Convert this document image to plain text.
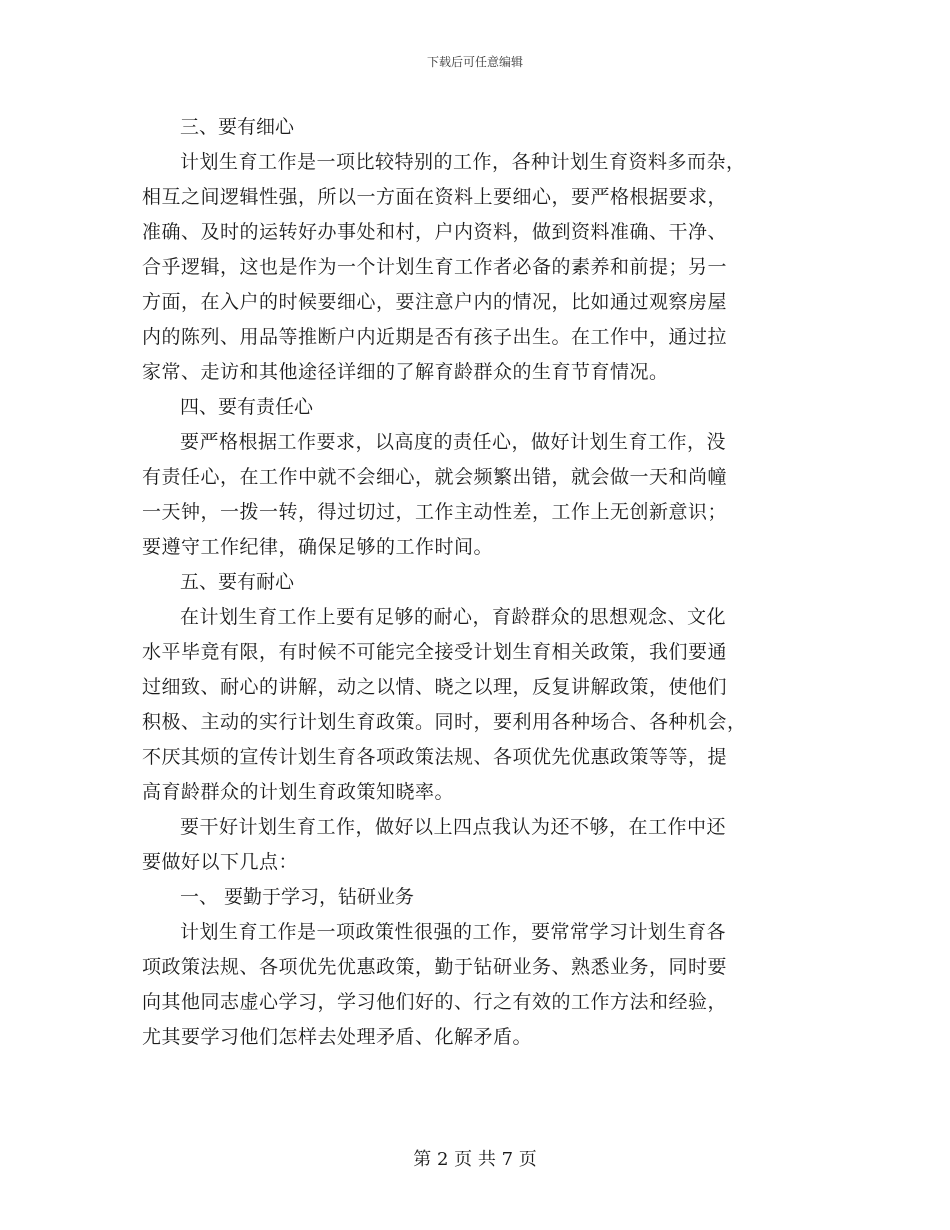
下载后可任意编辑
三、要有细心

计划生育工作是一项比较特别的工作，各种计划生育资料多而杂，
相互之间逻辑性强，所以一方面在资料上要细心，要严格根据要求，
准确、及时的运转好办事处和村，户内资料，做到资料准确、干净、
合乎逻辑，这也是作为一个计划生育工作者必备的素养和前提；另一
方面，在入户的时候要细心，要注意户内的情况，比如通过观察房屋
内的陈列、用品等推断户内近期是否有孩子出生。在工作中，通过拉
家常、走访和其他途径详细的了解育龄群众的生育节育情况。

四、要有责任心

要严格根据工作要求，以高度的责任心，做好计划生育工作，没
有责任心，在工作中就不会细心，就会频繁出错，就会做一天和尚幢
一天钟，一拨一转，得过切过，工作主动性差，工作上无创新意识；
要遵守工作纪律，确保足够的工作时间。

五、要有耐心

在计划生育工作上要有足够的耐心，育龄群众的思想观念、文化
水平毕竟有限，有时候不可能完全接受计划生育相关政策，我们要通
过细致、耐心的讲解，动之以情、晓之以理，反复讲解政策，使他们
积极、主动的实行计划生育政策。同时，要利用各种场合、各种机会，
不厌其烦的宣传计划生育各项政策法规、各项优先优惠政策等等，提
高育龄群众的计划生育政策知晓率。

要干好计划生育工作，做好以上四点我认为还不够，在工作中还
要做好以下几点：

一、 要勤于学习，钻研业务

计划生育工作是一项政策性很强的工作，要常常学习计划生育各
项政策法规、各项优先优惠政策，勤于钻研业务、熟悉业务，同时要
向其他同志虚心学习，学习他们好的、行之有效的工作方法和经验，
尤其要学习他们怎样去处理矛盾、化解矛盾。

第 2 页 共 7 页
